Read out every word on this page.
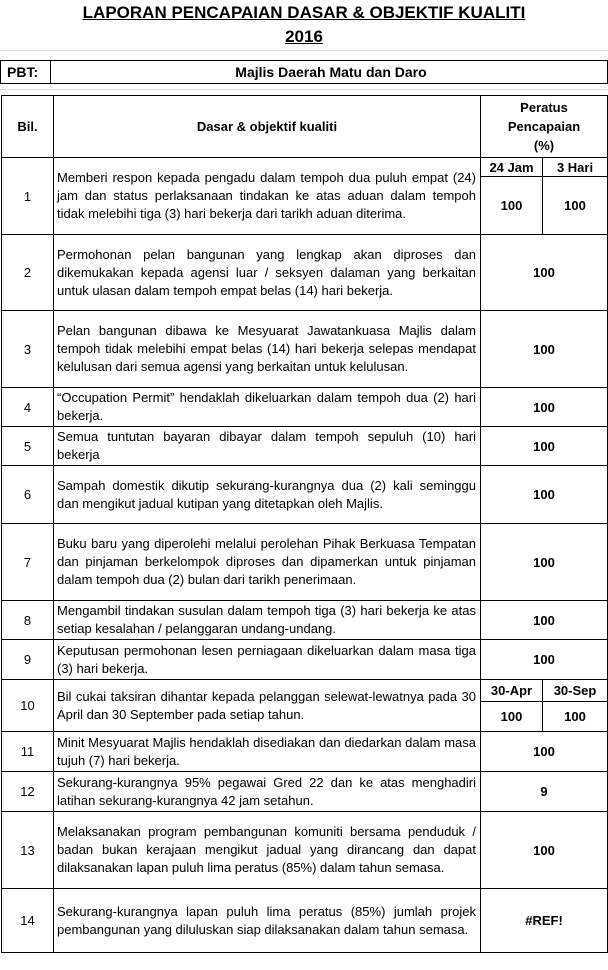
LAPORAN PENCAPAIAN DASAR & OBJEKTIF KUALITI
2016
PBT:	Majlis Daerah Matu dan Daro
Bil.	Dasar & objektif kualiti	Peratus
Pencapaian
(%)	

1	Memberi respon kepada pengadu dalam tempoh dua puluh empat (24) jam dan status perlaksanaan tindakan ke atas aduan dalam tempoh tidak melebihi tiga (3) hari bekerja dari tarikh aduan diterima.	24 Jam	3 Hari
		100	100
2	Permohonan pelan bangunan yang lengkap akan diproses dan dikemukakan kepada agensi luar / seksyen dalaman yang berkaitan untuk ulasan dalam tempoh empat belas (14) hari bekerja.	100	
3	Pelan bangunan dibawa ke Mesyuarat Jawatankuasa Majlis dalam tempoh tidak melebihi empat belas (14) hari bekerja selepas mendapat kelulusan dari semua agensi yang berkaitan untuk kelulusan.	100	
4	“Occupation Permit” hendaklah dikeluarkan dalam tempoh dua (2) hari bekerja.	100	
5	Semua tuntutan bayaran dibayar dalam tempoh sepuluh (10) hari bekerja	100	
6	Sampah domestik dikutip sekurang-kurangnya dua (2) kali seminggu dan mengikut jadual kutipan yang ditetapkan oleh Majlis.	100	
7	Buku baru yang diperolehi melalui perolehan Pihak Berkuasa Tempatan dan pinjaman berkelompok diproses dan dipamerkan untuk pinjaman dalam tempoh dua (2) bulan dari tarikh penerimaan.	100	
8	Mengambil tindakan susulan dalam tempoh tiga (3) hari bekerja ke atas setiap kesalahan / pelanggaran undang-undang.	100	
9	Keputusan permohonan lesen perniagaan dikeluarkan dalam masa tiga (3) hari bekerja.	100	
10	Bil cukai taksiran dihantar kepada pelanggan selewat-lewatnya pada 30 April dan 30 September pada setiap tahun.	30-Apr	30-Sep
		100	100
11	Minit Mesyuarat Majlis hendaklah disediakan dan diedarkan dalam masa tujuh (7) hari bekerja.	100	
12	Sekurang-kurangnya 95% pegawai Gred 22 dan ke atas menghadiri latihan sekurang-kurangnya 42 jam setahun.	9	
13	Melaksanakan program pembangunan komuniti bersama penduduk / badan bukan kerajaan mengikut jadual yang dirancang dan dapat dilaksanakan lapan puluh lima peratus (85%) dalam tahun semasa.	100	
14	Sekurang-kurangnya lapan puluh lima peratus (85%) jumlah projek pembangunan yang diluluskan siap dilaksanakan dalam tahun semasa.	#REF!	
